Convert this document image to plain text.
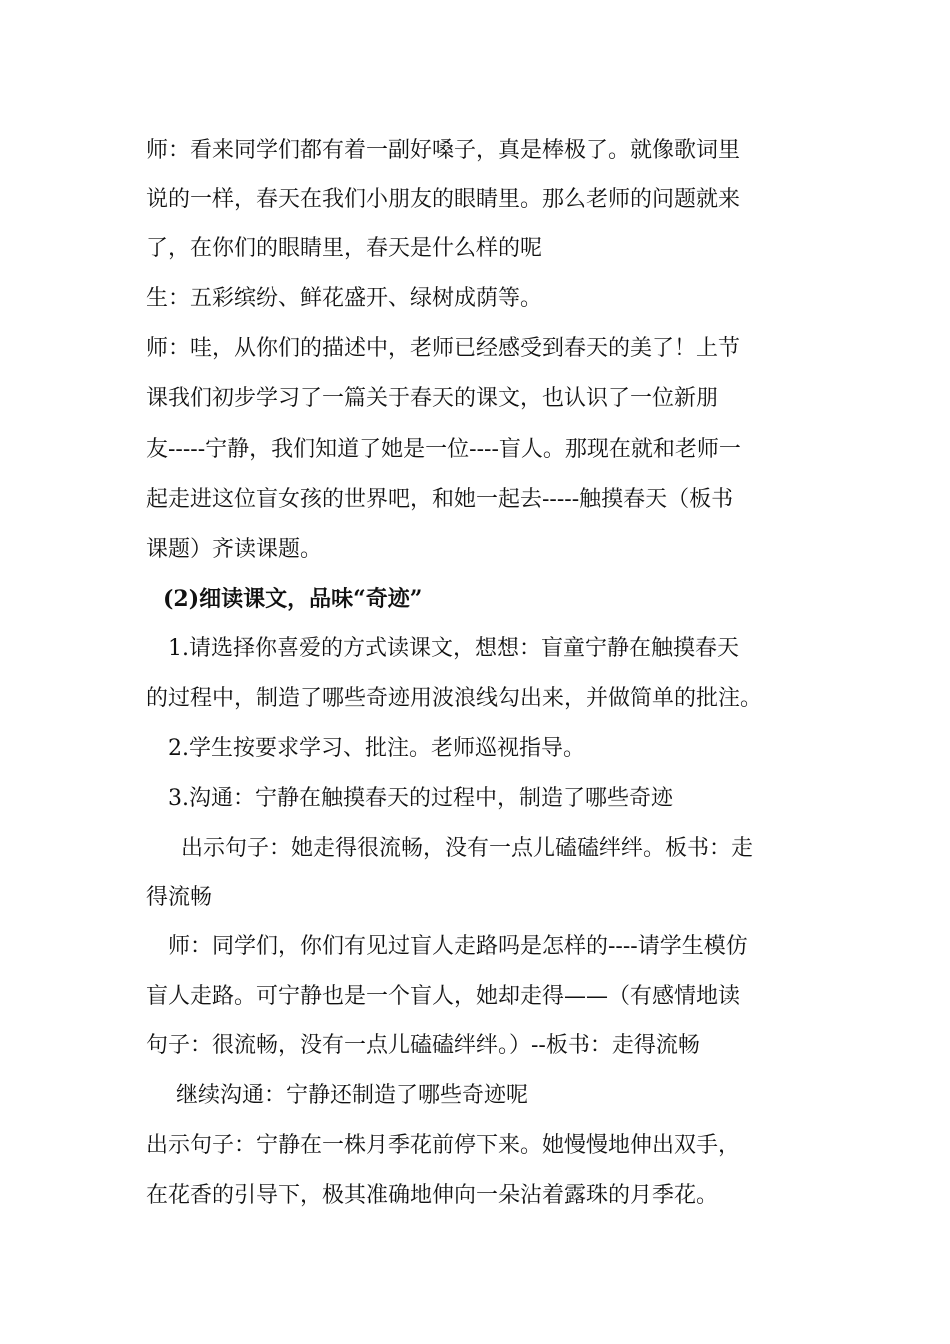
师：看来同学们都有着一副好嗓子，真是棒极了。就像歌词里

说的一样，春天在我们小朋友的眼睛里。那么老师的问题就来

了，在你们的眼睛里，春天是什么样的呢

生：五彩缤纷、鲜花盛开、绿树成荫等。

师：哇，从你们的描述中，老师已经感受到春天的美了！上节

课我们初步学习了一篇关于春天的课文，也认识了一位新朋

友-----宁静，我们知道了她是一位----盲人。那现在就和老师一

起走进这位盲女孩的世界吧，和她一起去-----触摸春天（板书

课题）齐读课题。

(2)细读课文，品味“奇迹”

1.请选择你喜爱的方式读课文，想想：盲童宁静在触摸春天

的过程中，制造了哪些奇迹用波浪线勾出来，并做简单的批注。

2.学生按要求学习、批注。老师巡视指导。

3.沟通：宁静在触摸春天的过程中，制造了哪些奇迹

出示句子：她走得很流畅，没有一点儿磕磕绊绊。板书：走

得流畅

师：同学们，你们有见过盲人走路吗是怎样的----请学生模仿

盲人走路。可宁静也是一个盲人，她却走得——（有感情地读

句子：很流畅，没有一点儿磕磕绊绊。）--板书：走得流畅

继续沟通：宁静还制造了哪些奇迹呢

出示句子：宁静在一株月季花前停下来。她慢慢地伸出双手，

在花香的引导下，极其准确地伸向一朵沾着露珠的月季花。
